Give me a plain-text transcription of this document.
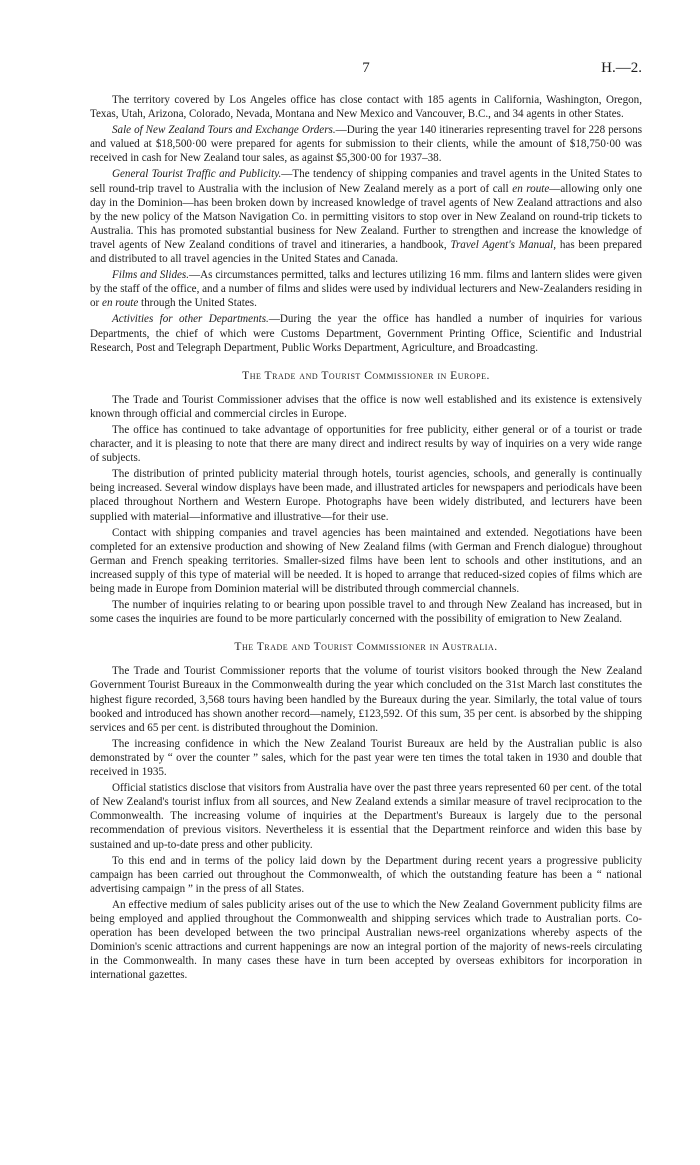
7	H.—2.

The territory covered by Los Angeles office has close contact with 185 agents in California, Washington, Oregon, Texas, Utah, Arizona, Colorado, Nevada, Montana and New Mexico and Vancouver, B.C., and 34 agents in other States.

Sale of New Zealand Tours and Exchange Orders.—During the year 140 itineraries representing travel for 228 persons and valued at $18,500·00 were prepared for agents for submission to their clients, while the amount of $18,750·00 was received in cash for New Zealand tour sales, as against $5,300·00 for 1937–38.

General Tourist Traffic and Publicity.—The tendency of shipping companies and travel agents in the United States to sell round-trip travel to Australia with the inclusion of New Zealand merely as a port of call en route—allowing only one day in the Dominion—has been broken down by increased knowledge of travel agents of New Zealand attractions and also by the new policy of the Matson Navigation Co. in permitting visitors to stop over in New Zealand on round-trip tickets to Australia. This has promoted substantial business for New Zealand. Further to strengthen and increase the knowledge of travel agents of New Zealand conditions of travel and itineraries, a handbook, Travel Agent's Manual, has been prepared and distributed to all travel agencies in the United States and Canada.

Films and Slides.—As circumstances permitted, talks and lectures utilizing 16 mm. films and lantern slides were given by the staff of the office, and a number of films and slides were used by individual lecturers and New-Zealanders residing in or en route through the United States.

Activities for other Departments.—During the year the office has handled a number of inquiries for various Departments, the chief of which were Customs Department, Government Printing Office, Scientific and Industrial Research, Post and Telegraph Department, Public Works Department, Agriculture, and Broadcasting.

The Trade and Tourist Commissioner in Europe.

The Trade and Tourist Commissioner advises that the office is now well established and its existence is extensively known through official and commercial circles in Europe.

The office has continued to take advantage of opportunities for free publicity, either general or of a tourist or trade character, and it is pleasing to note that there are many direct and indirect results by way of inquiries on a very wide range of subjects.

The distribution of printed publicity material through hotels, tourist agencies, schools, and generally is continually being increased. Several window displays have been made, and illustrated articles for newspapers and periodicals have been placed throughout Northern and Western Europe. Photographs have been widely distributed, and lecturers have been supplied with material—informative and illustrative—for their use.

Contact with shipping companies and travel agencies has been maintained and extended. Negotiations have been completed for an extensive production and showing of New Zealand films (with German and French dialogue) throughout German and French speaking territories. Smaller-sized films have been lent to schools and other institutions, and an increased supply of this type of material will be needed. It is hoped to arrange that reduced-sized copies of films which are being made in Europe from Dominion material will be distributed through commercial channels.

The number of inquiries relating to or bearing upon possible travel to and through New Zealand has increased, but in some cases the inquiries are found to be more particularly concerned with the possibility of emigration to New Zealand.

The Trade and Tourist Commissioner in Australia.

The Trade and Tourist Commissioner reports that the volume of tourist visitors booked through the New Zealand Government Tourist Bureaux in the Commonwealth during the year which concluded on the 31st March last constitutes the highest figure recorded, 3,568 tours having been handled by the Bureaux during the year. Similarly, the total value of tours booked and introduced has shown another record—namely, £123,592. Of this sum, 35 per cent. is absorbed by the shipping services and 65 per cent. is distributed throughout the Dominion.

The increasing confidence in which the New Zealand Tourist Bureaux are held by the Australian public is also demonstrated by “ over the counter ” sales, which for the past year were ten times the total taken in 1930 and double that received in 1935.

Official statistics disclose that visitors from Australia have over the past three years represented 60 per cent. of the total of New Zealand's tourist influx from all sources, and New Zealand extends a similar measure of travel reciprocation to the Commonwealth. The increasing volume of inquiries at the Department's Bureaux is largely due to the personal recommendation of previous visitors. Nevertheless it is essential that the Department reinforce and widen this base by sustained and up-to-date press and other publicity.

To this end and in terms of the policy laid down by the Department during recent years a progressive publicity campaign has been carried out throughout the Commonwealth, of which the outstanding feature has been a “ national advertising campaign ” in the press of all States.

An effective medium of sales publicity arises out of the use to which the New Zealand Government publicity films are being employed and applied throughout the Commonwealth and shipping services which trade to Australian ports. Co-operation has been developed between the two principal Australian news-reel organizations whereby aspects of the Dominion's scenic attractions and current happenings are now an integral portion of the majority of news-reels circulating in the Commonwealth. In many cases these have in turn been accepted by overseas exhibitors for incorporation in international gazettes.
